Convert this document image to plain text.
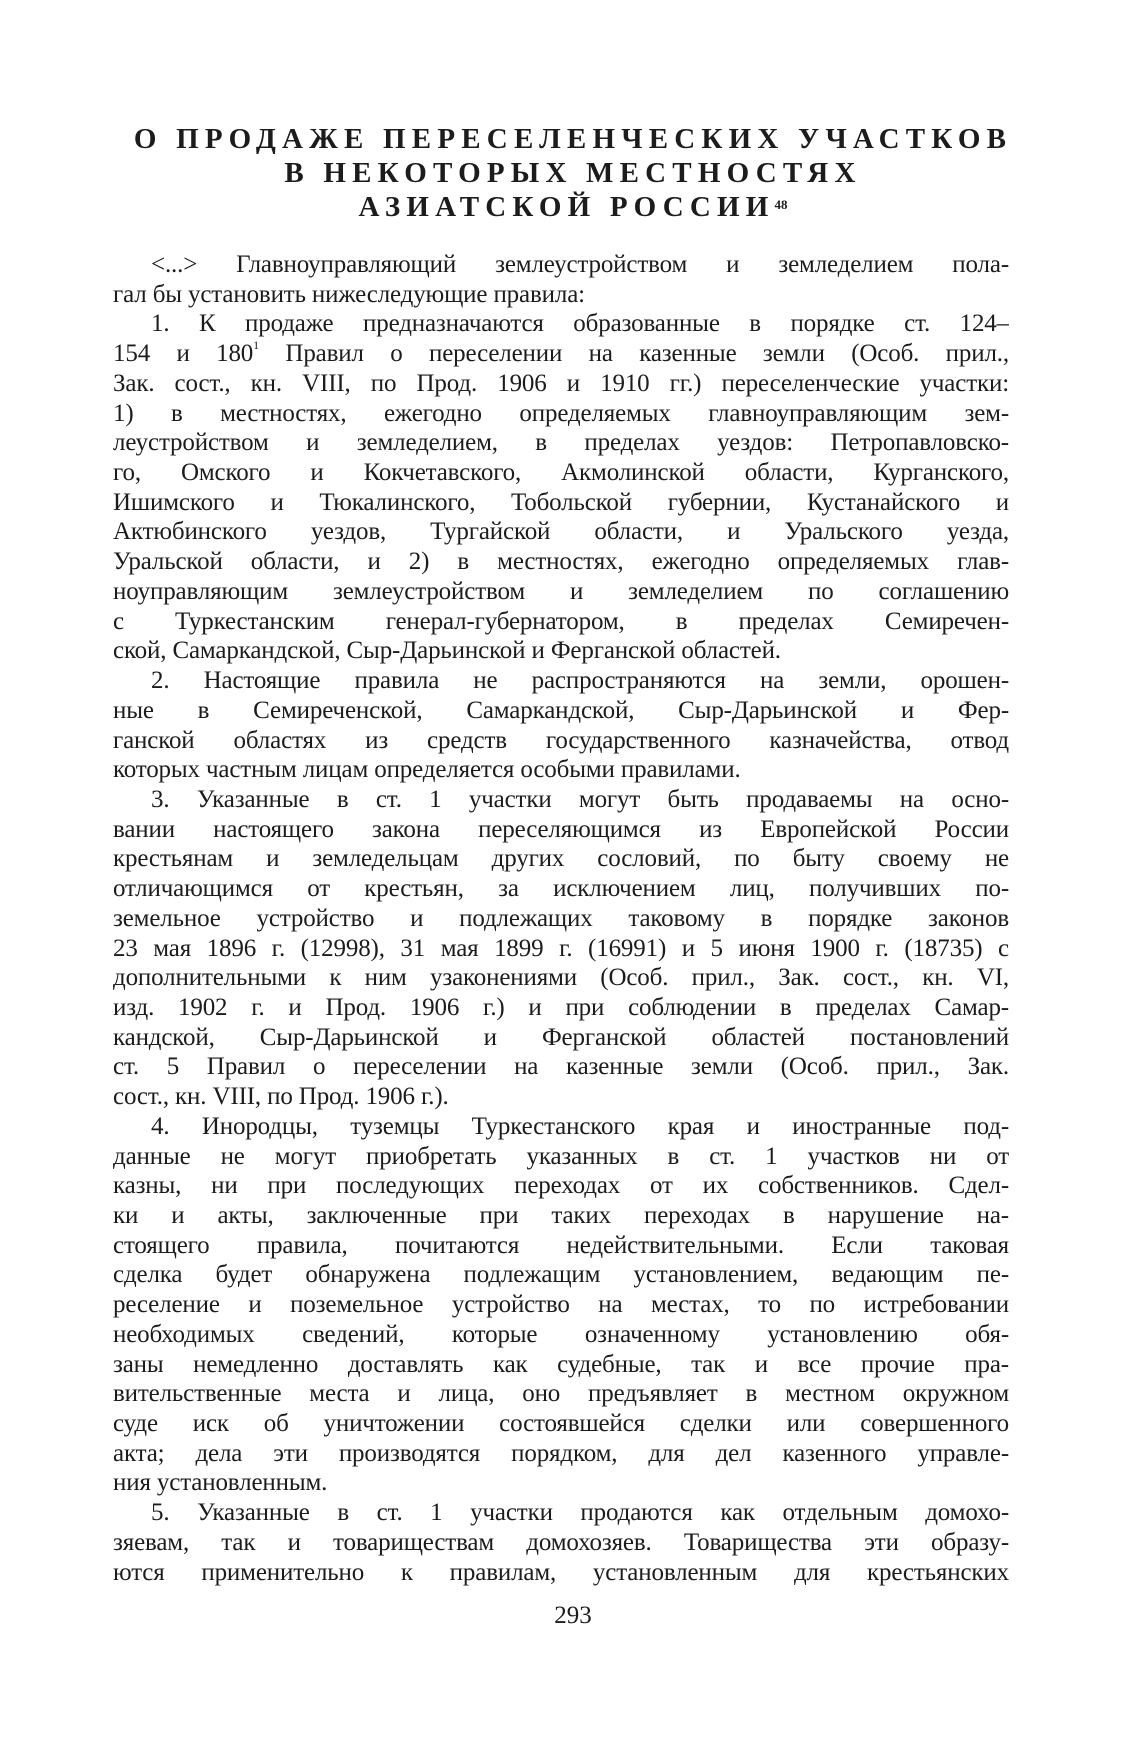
О ПРОДАЖЕ ПЕРЕСЕЛЕНЧЕСКИХ УЧАСТКОВ
В НЕКОТОРЫХ МЕСТНОСТЯХ
АЗИАТСКОЙ $РОССИИ^{48}$
<...> Главноуправляющий землеустройством и земледелием пола-
гал бы установить нижеследующие правила:
1. К продаже предназначаются образованные в порядке ст. 124–
154 и $180^1$ Правил о переселении на казенные земли (Особ. прил.,
Зак. сост., кн. VIII, по Прод. 1906 и 1910 гг.) переселенческие участки:
1) в местностях, ежегодно определяемых главноуправляющим зем-
леустройством и земледелием, в пределах уездов: Петропавловско-
го, Омского и Кокчетавского, Акмолинской области, Курганского,
Ишимского и Тюкалинского, Тобольской губернии, Кустанайского и
Актюбинского уездов, Тургайской области, и Уральского уезда,
Уральской области, и 2) в местностях, ежегодно определяемых глав-
ноуправляющим землеустройством и земледелием по соглашению
с Туркестанским генерал-губернатором, в пределах Семиречен-
ской, Самаркандской, Сыр-Дарьинской и Ферганской областей.
2. Настоящие правила не распространяются на земли, орошен-
ные в Семиреченской, Самаркандской, Сыр-Дарьинской и Фер-
ганской областях из средств государственного казначейства, отвод
которых частным лицам определяется особыми правилами.
3. Указанные в ст. 1 участки могут быть продаваемы на осно-
вании настоящего закона переселяющимся из Европейской России
крестьянам и земледельцам других сословий, по быту своему не
отличающимся от крестьян, за исключением лиц, получивших по-
земельное устройство и подлежащих таковому в порядке законов
23 мая 1896 г. (12998), 31 мая 1899 г. (16991) и 5 июня 1900 г. (18735) с
дополнительными к ним узаконениями (Особ. прил., Зак. сост., кн. VI,
изд. 1902 г. и Прод. 1906 г.) и при соблюдении в пределах Самар-
кандской, Сыр-Дарьинской и Ферганской областей постановлений
ст. 5 Правил о переселении на казенные земли (Особ. прил., Зак.
сост., кн. VIII, по Прод. 1906 г.).
4. Инородцы, туземцы Туркестанского края и иностранные под-
данные не могут приобретать указанных в ст. 1 участков ни от
казны, ни при последующих переходах от их собственников. Сдел-
ки и акты, заключенные при таких переходах в нарушение на-
стоящего правила, почитаются недействительными. Если таковая
сделка будет обнаружена подлежащим установлением, ведающим пе-
реселение и поземельное устройство на местах, то по истребовании
необходимых сведений, которые означенному установлению обя-
заны немедленно доставлять как судебные, так и все прочие пра-
вительственные места и лица, оно предъявляет в местном окружном
суде иск об уничтожении состоявшейся сделки или совершенного
акта; дела эти производятся порядком, для дел казенного управле-
ния установленным.
5. Указанные в ст. 1 участки продаются как отдельным домохо-
зяевам, так и товариществам домохозяев. Товарищества эти образу-
ются применительно к правилам, установленным для крестьянских
293
